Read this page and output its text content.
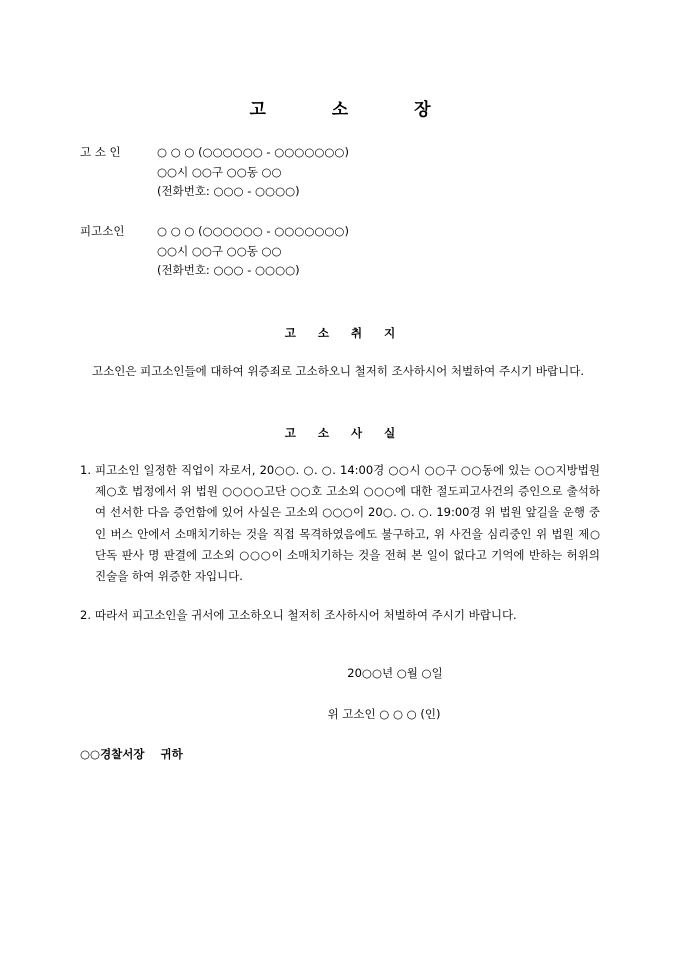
고 소 장
고 소 인	○ ○ ○ (○○○○○○ - ○○○○○○○)
○○시 ○○구 ○○동 ○○
(전화번호: ○○○ - ○○○○)
피고소인	○ ○ ○ (○○○○○○ - ○○○○○○○)
○○시 ○○구 ○○동 ○○
(전화번호: ○○○ - ○○○○)
고 소 취 지
고소인은 피고소인들에 대하여 위증죄로 고소하오니 철저히 조사하시어 처벌하여 주시기 바랍니다.
고 소 사 실
1. 피고소인 일정한 직업이 자로서, 20○○. ○. ○. 14:00경 ○○시 ○○구 ○○동에 있는 ○○지방법원 제○호 법정에서 위 법원 ○○○○고단 ○○호 고소외 ○○○에 대한 절도피고사건의 증인으로 출석하여 선서한 다음 증언함에 있어 사실은 고소외 ○○○이 20○. ○. ○. 19:00경 위 법원 앞길을 운행 중인 버스 안에서 소매치기하는 것을 직접 목격하였음에도 불구하고, 위 사건을 심리중인 위 법원 제○단독 판사 명 판결에 고소외 ○○○이 소매치기하는 것을 전혀 본 일이 없다고 기억에 반하는 허위의 진술을 하여 위증한 자입니다.
2. 따라서 피고소인을 귀서에 고소하오니 철저히 조사하시어 처벌하여 주시기 바랍니다.
20○○년 ○월 ○일
위 고소인 ○ ○ ○ (인)
○○경찰서장    귀하
